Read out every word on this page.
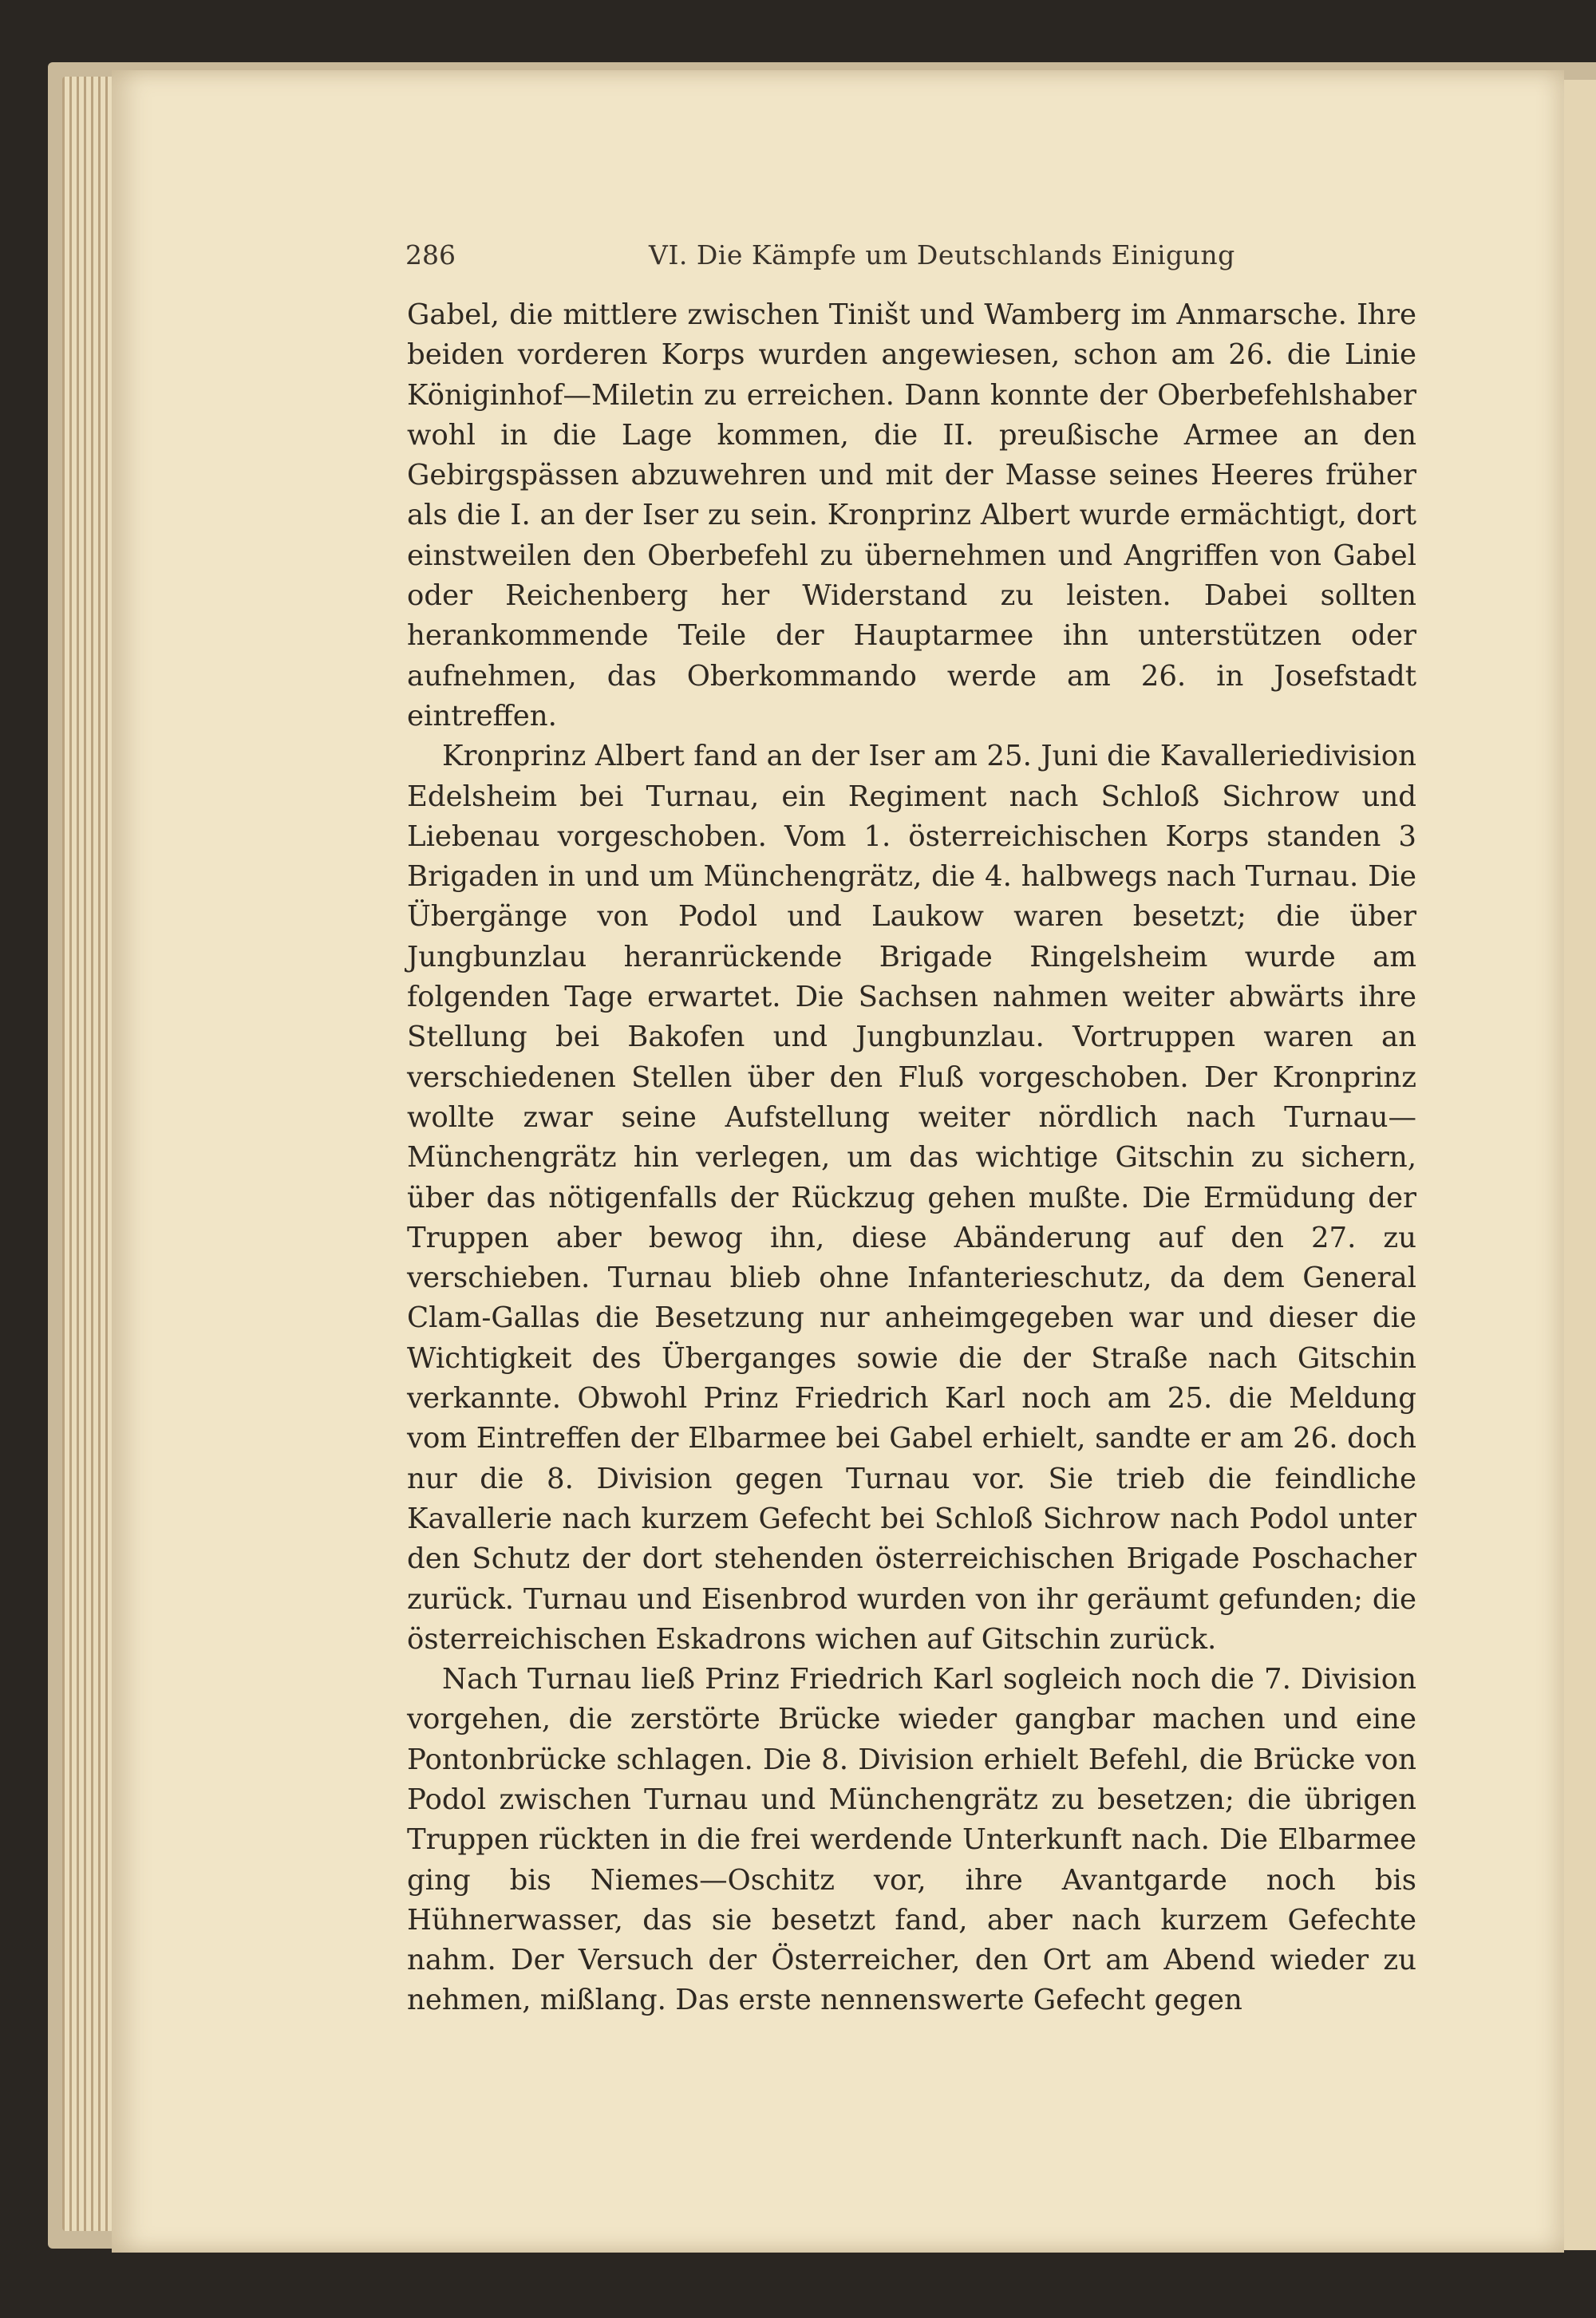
286	VI. Die Kämpfe um Deutschlands Einigung

Gabel, die mittlere zwischen Tiništ und Wamberg im Anmarsche. Ihre beiden vorderen Korps wurden angewiesen, schon am 26. die Linie Königinhof—Miletin zu erreichen. Dann konnte der Oberbefehlshaber wohl in die Lage kommen, die II. preußische Armee an den Gebirgspässen abzuwehren und mit der Masse seines Heeres früher als die I. an der Iser zu sein. Kronprinz Albert wurde ermächtigt, dort einstweilen den Oberbefehl zu übernehmen und Angriffen von Gabel oder Reichenberg her Widerstand zu leisten. Dabei sollten herankommende Teile der Hauptarmee ihn unterstützen oder aufnehmen, das Oberkommando werde am 26. in Josefstadt eintreffen.

Kronprinz Albert fand an der Iser am 25. Juni die Kavalleriedivision Edelsheim bei Turnau, ein Regiment nach Schloß Sichrow und Liebenau vorgeschoben. Vom 1. österreichischen Korps standen 3 Brigaden in und um Münchengrätz, die 4. halbwegs nach Turnau. Die Übergänge von Podol und Laukow waren besetzt; die über Jungbunzlau heranrückende Brigade Ringelsheim wurde am folgenden Tage erwartet. Die Sachsen nahmen weiter abwärts ihre Stellung bei Bakofen und Jungbunzlau. Vortruppen waren an verschiedenen Stellen über den Fluß vorgeschoben. Der Kronprinz wollte zwar seine Aufstellung weiter nördlich nach Turnau—Münchengrätz hin verlegen, um das wichtige Gitschin zu sichern, über das nötigenfalls der Rückzug gehen mußte. Die Ermüdung der Truppen aber bewog ihn, diese Abänderung auf den 27. zu verschieben. Turnau blieb ohne Infanterieschutz, da dem General Clam-Gallas die Besetzung nur anheimgegeben war und dieser die Wichtigkeit des Überganges sowie die der Straße nach Gitschin verkannte. Obwohl Prinz Friedrich Karl noch am 25. die Meldung vom Eintreffen der Elbarmee bei Gabel erhielt, sandte er am 26. doch nur die 8. Division gegen Turnau vor. Sie trieb die feindliche Kavallerie nach kurzem Gefecht bei Schloß Sichrow nach Podol unter den Schutz der dort stehenden österreichischen Brigade Poschacher zurück. Turnau und Eisenbrod wurden von ihr geräumt gefunden; die österreichischen Eskadrons wichen auf Gitschin zurück.

Nach Turnau ließ Prinz Friedrich Karl sogleich noch die 7. Division vorgehen, die zerstörte Brücke wieder gangbar machen und eine Pontonbrücke schlagen. Die 8. Division erhielt Befehl, die Brücke von Podol zwischen Turnau und Münchengrätz zu besetzen; die übrigen Truppen rückten in die frei werdende Unterkunft nach. Die Elbarmee ging bis Niemes—Oschitz vor, ihre Avantgarde noch bis Hühnerwasser, das sie besetzt fand, aber nach kurzem Gefechte nahm. Der Versuch der Österreicher, den Ort am Abend wieder zu nehmen, mißlang. Das erste nennenswerte Gefecht gegen
